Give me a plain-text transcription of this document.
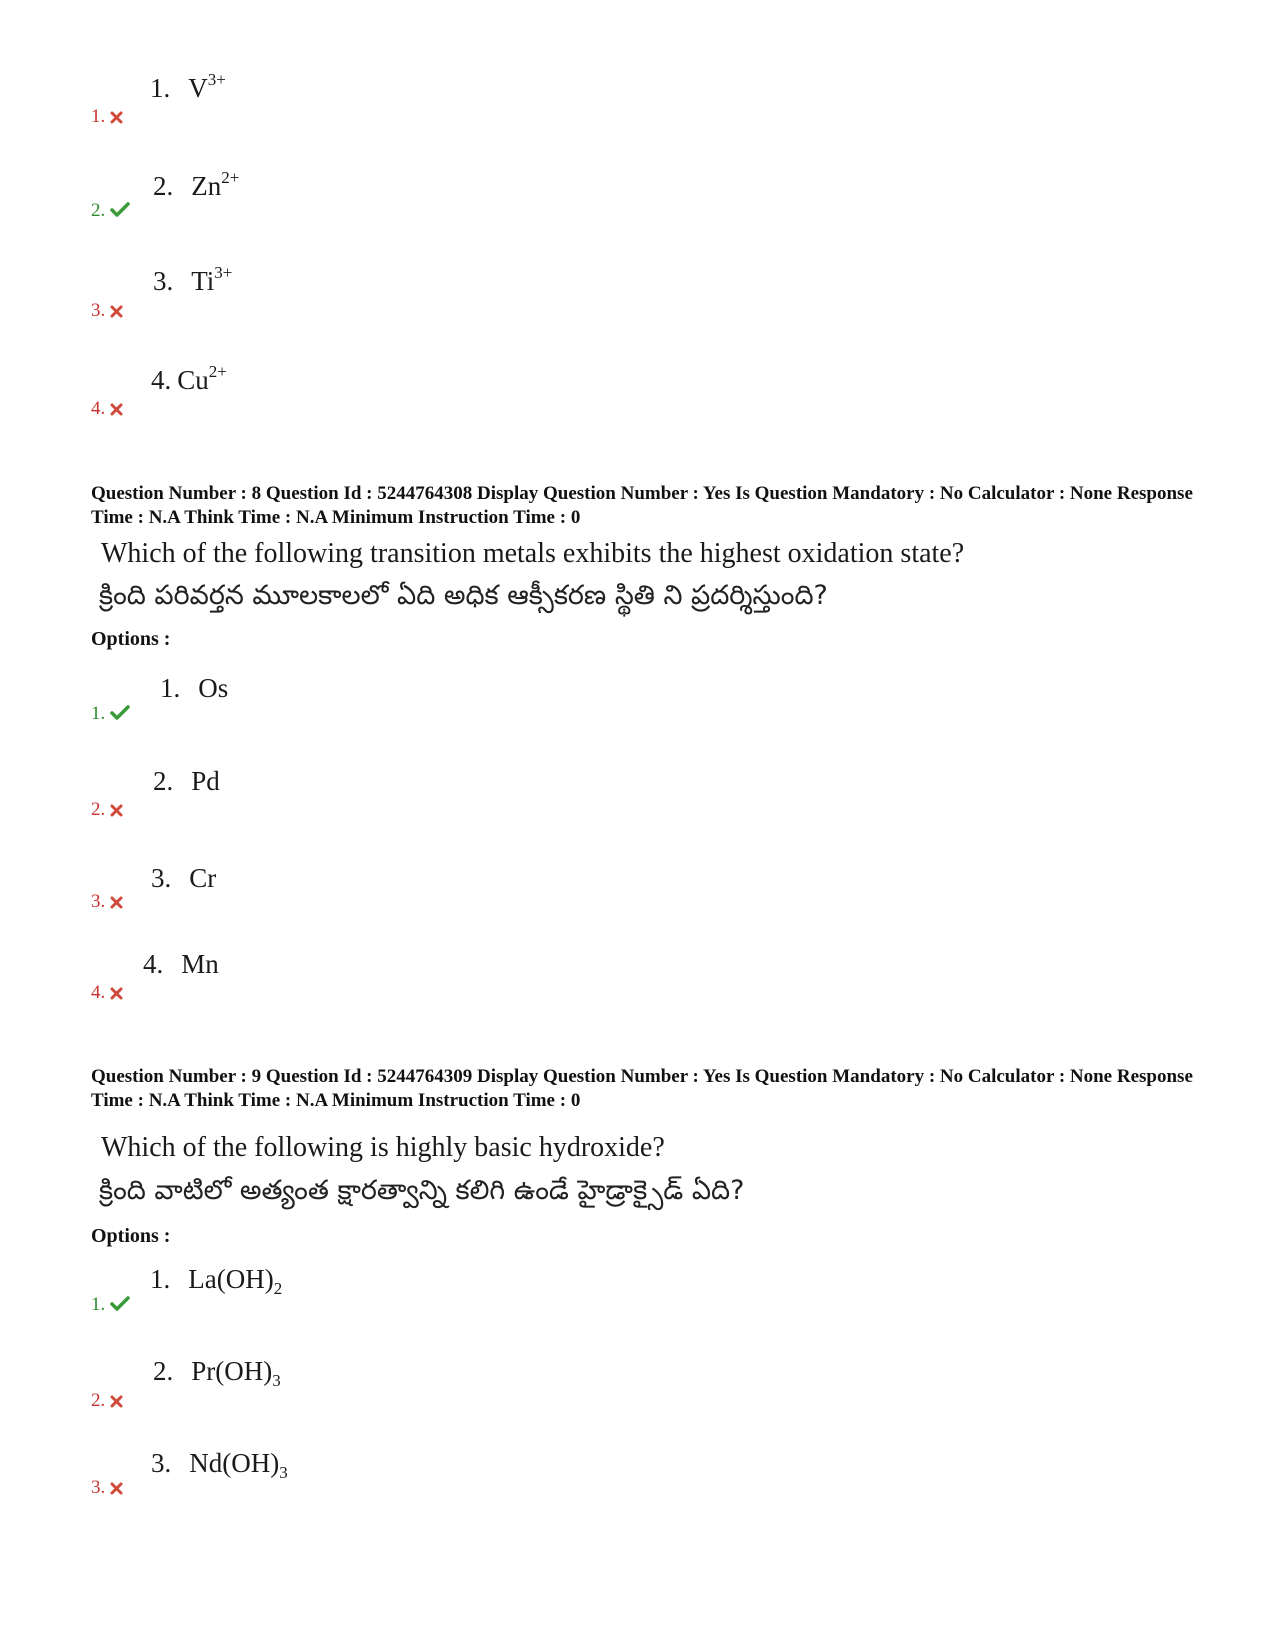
1. $V^{3+}$
1.
2. $Zn^{2+}$
2.
3. $Ti^{3+}$
3.
4. $Cu^{2+}$
4.
Question Number : 8 Question Id : 5244764308 Display Question Number : Yes Is Question Mandatory : No Calculator : None Response Time : N.A Think Time : N.A Minimum Instruction Time : 0
Which of the following transition metals exhibits the highest oxidation state?
క్రింది పరివర్తన మూలకాలలో ఏది అధిక ఆక్సీకరణ స్థితి ని ప్రదర్శిస్తుంది?
Options :
1. Os
1.
2. Pd
2.
3. Cr
3.
4. Mn
4.
Question Number : 9 Question Id : 5244764309 Display Question Number : Yes Is Question Mandatory : No Calculator : None Response Time : N.A Think Time : N.A Minimum Instruction Time : 0
Which of the following is highly basic hydroxide?
క్రింది వాటిలో అత్యంత క్షారత్వాన్ని కలిగి ఉండే హైడ్రాక్సైడ్ ఏది?
Options :
1. $La(OH)_2$
1.
2. $Pr(OH)_3$
2.
3. $Nd(OH)_3$
3.
